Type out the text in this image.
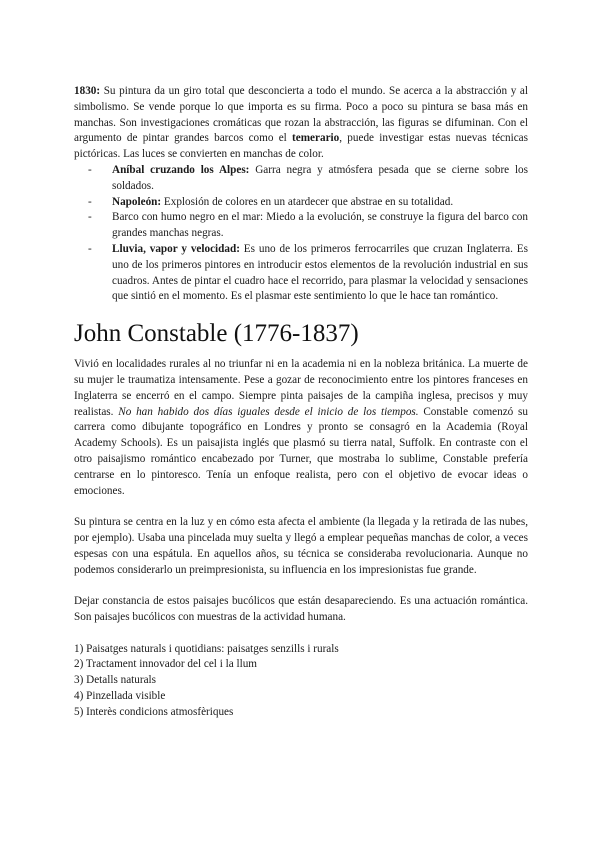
1830: Su pintura da un giro total que desconcierta a todo el mundo. Se acerca a la abstracción y al simbolismo. Se vende porque lo que importa es su firma. Poco a poco su pintura se basa más en manchas. Son investigaciones cromáticas que rozan la abstracción, las figuras se difuminan. Con el argumento de pintar grandes barcos como el temerario, puede investigar estas nuevas técnicas pictóricas. Las luces se convierten en manchas de color.

- Aníbal cruzando los Alpes: Garra negra y atmósfera pesada que se cierne sobre los soldados.
- Napoleón: Explosión de colores en un atardecer que abstrae en su totalidad.
- Barco con humo negro en el mar: Miedo a la evolución, se construye la figura del barco con grandes manchas negras.
- Lluvia, vapor y velocidad: Es uno de los primeros ferrocarriles que cruzan Inglaterra. Es uno de los primeros pintores en introducir estos elementos de la revolución industrial en sus cuadros. Antes de pintar el cuadro hace el recorrido, para plasmar la velocidad y sensaciones que sintió en el momento. Es el plasmar este sentimiento lo que le hace tan romántico.
John Constable (1776-1837)

Vivió en localidades rurales al no triunfar ni en la academia ni en la nobleza británica. La muerte de su mujer le traumatiza intensamente. Pese a gozar de reconocimiento entre los pintores franceses en Inglaterra se encerró en el campo. Siempre pinta paisajes de la campiña inglesa, precisos y muy realistas. No han habido dos días iguales desde el inicio de los tiempos. Constable comenzó su carrera como dibujante topográfico en Londres y pronto se consagró en la Academia (Royal Academy Schools). Es un paisajista inglés que plasmó su tierra natal, Suffolk. En contraste con el otro paisajismo romántico encabezado por Turner, que mostraba lo sublime, Constable prefería centrarse en lo pintoresco. Tenía un enfoque realista, pero con el objetivo de evocar ideas o emociones.

Su pintura se centra en la luz y en cómo esta afecta el ambiente (la llegada y la retirada de las nubes, por ejemplo). Usaba una pincelada muy suelta y llegó a emplear pequeñas manchas de color, a veces espesas con una espátula. En aquellos años, su técnica se consideraba revolucionaria. Aunque no podemos considerarlo un preimpresionista, su influencia en los impresionistas fue grande.

Dejar constancia de estos paisajes bucólicos que están desapareciendo. Es una actuación romántica. Son paisajes bucólicos con muestras de la actividad humana.

1) Paisatges naturals i quotidians: paisatges senzills i rurals
2) Tractament innovador del cel i la llum
3) Detalls naturals
4) Pinzellada visible
5) Interès condicions atmosfèriques
